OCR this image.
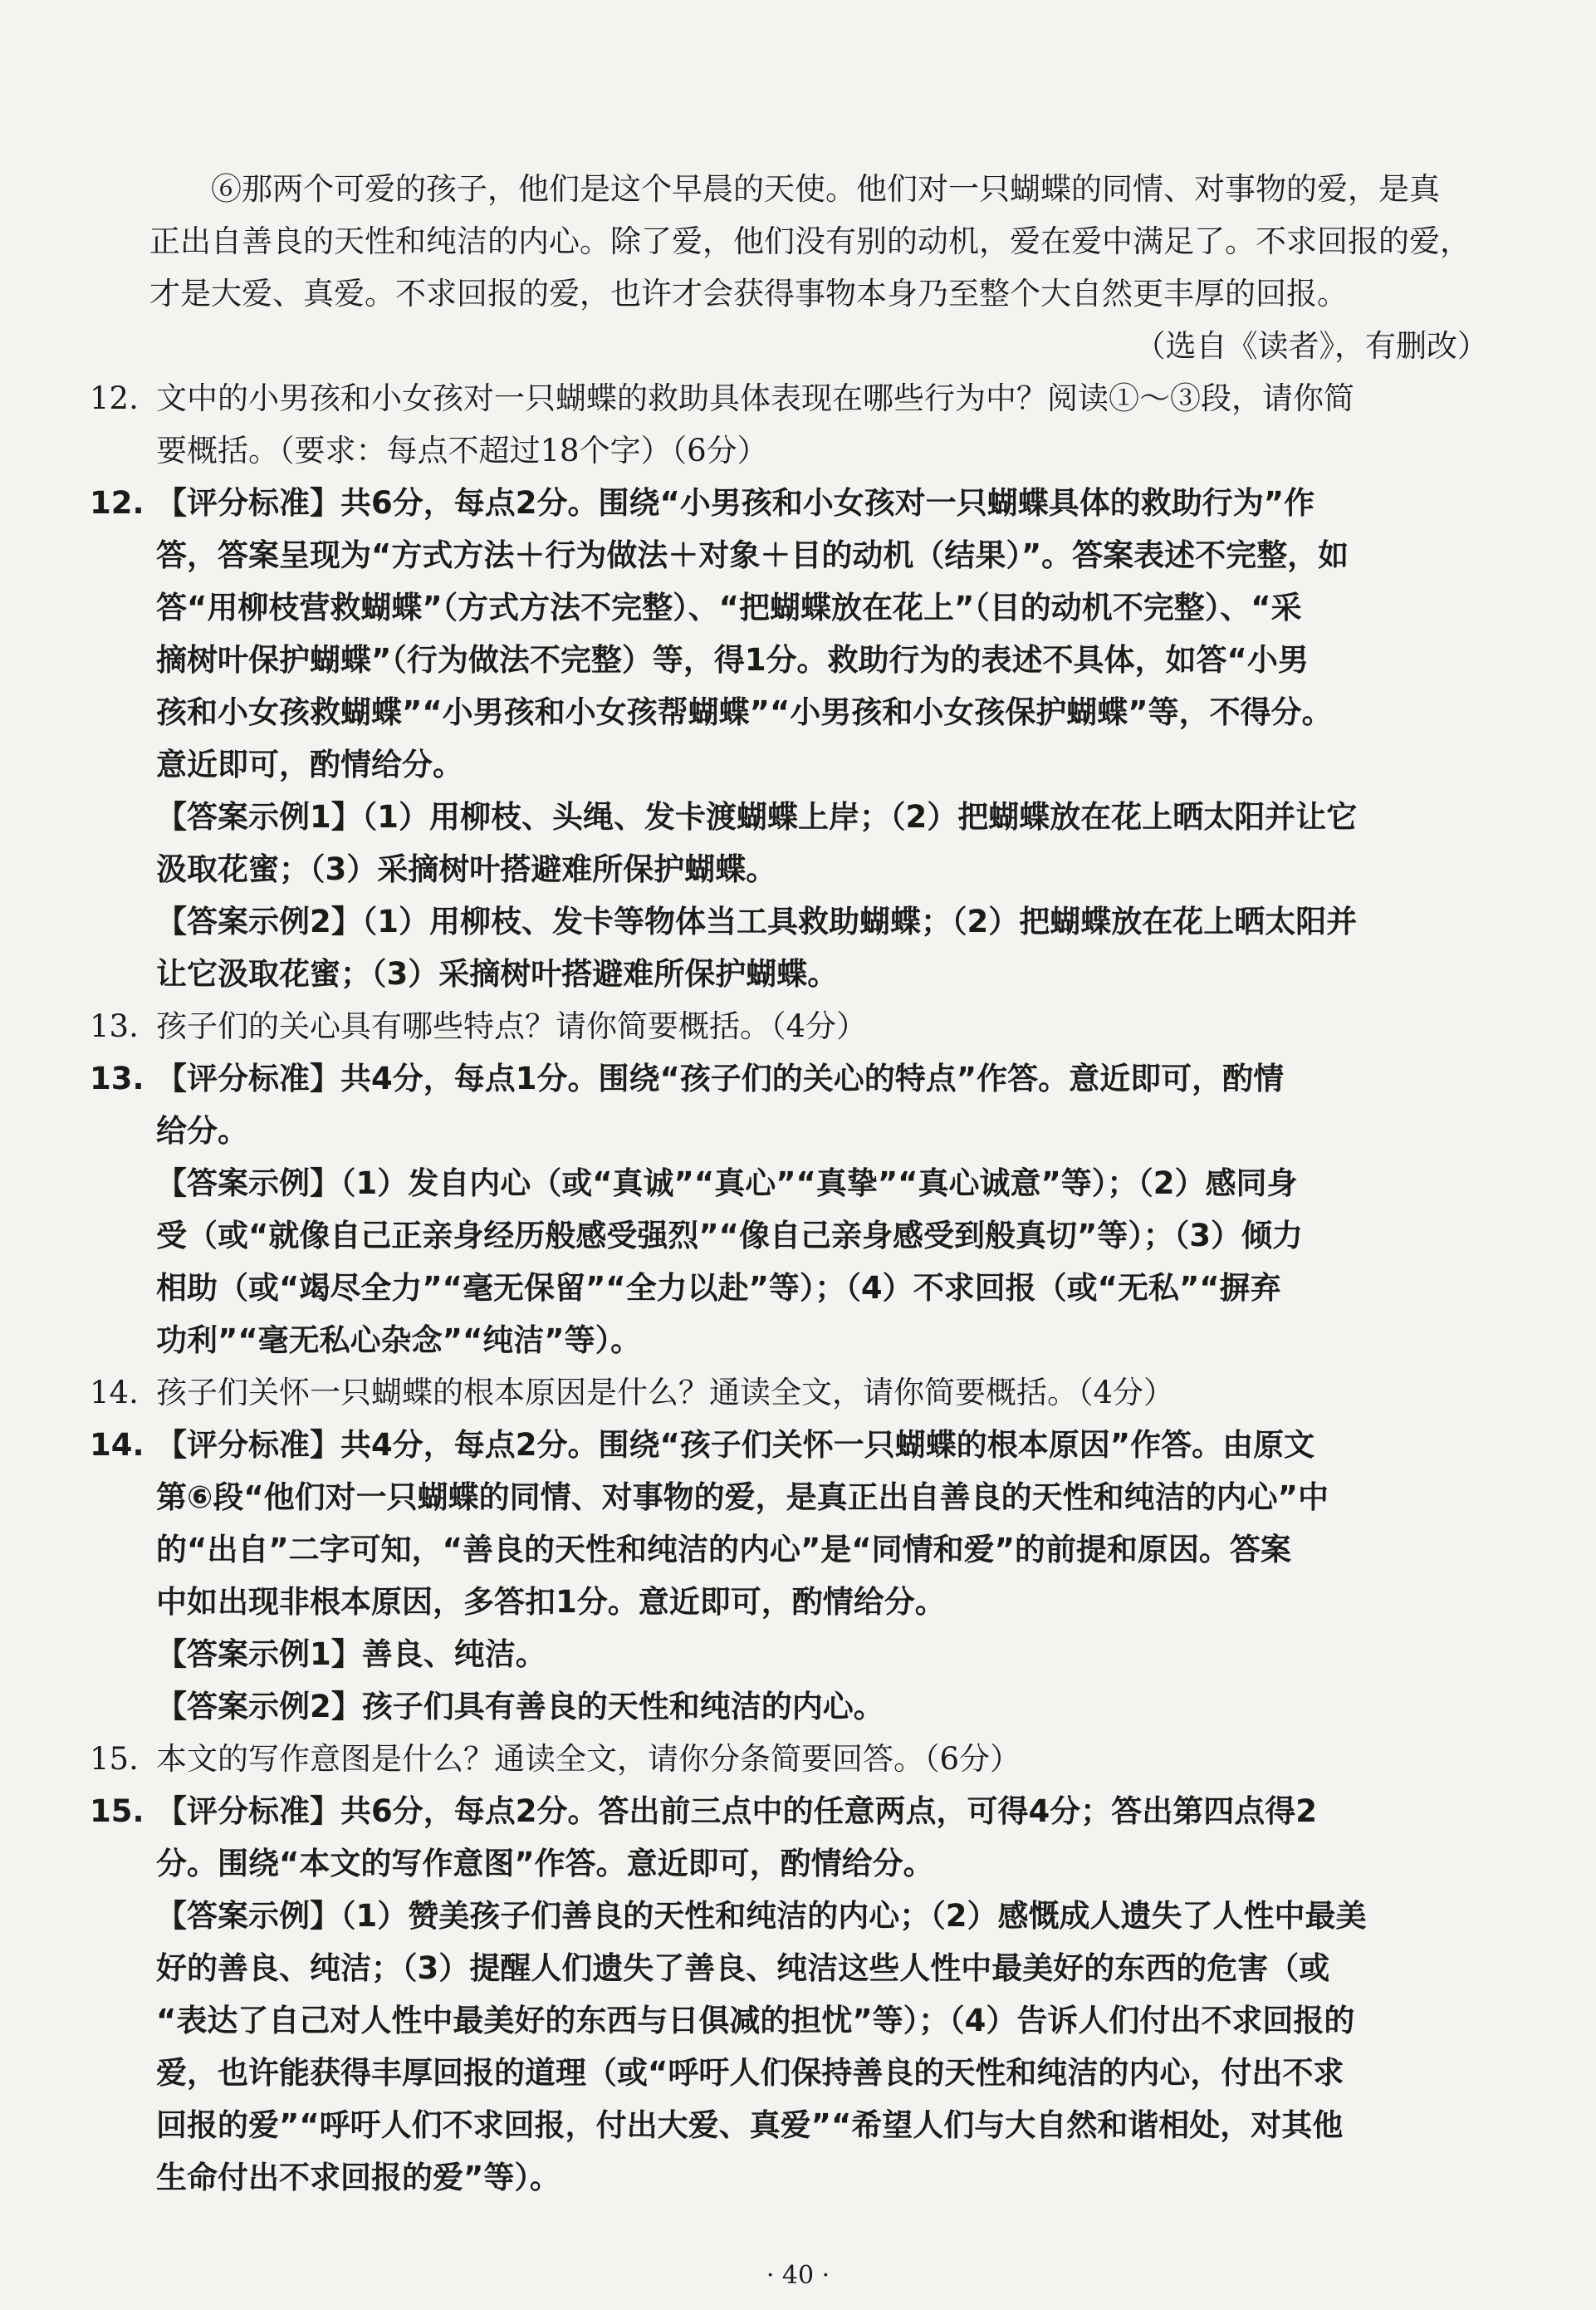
⑥那两个可爱的孩子，他们是这个早晨的天使。他们对一只蝴蝶的同情、对事物的爱，是真
正出自善良的天性和纯洁的内心。除了爱，他们没有别的动机，爱在爱中满足了。不求回报的爱，
才是大爱、真爱。不求回报的爱，也许才会获得事物本身乃至整个大自然更丰厚的回报。
（选自《读者》，有删改）
12. 文中的小男孩和小女孩对一只蝴蝶的救助具体表现在哪些行为中？阅读①～③段，请你简
要概括。（要求：每点不超过18个字）（6分）
12. 【评分标准】共6分，每点2分。围绕“小男孩和小女孩对一只蝴蝶具体的救助行为”作
答，答案呈现为“方式方法＋行为做法＋对象＋目的动机（结果）”。答案表述不完整，如
答“用柳枝营救蝴蝶”（方式方法不完整）、“把蝴蝶放在花上”（目的动机不完整）、“采
摘树叶保护蝴蝶”（行为做法不完整）等，得1分。救助行为的表述不具体，如答“小男
孩和小女孩救蝴蝶”“小男孩和小女孩帮蝴蝶”“小男孩和小女孩保护蝴蝶”等，不得分。
意近即可，酌情给分。
【答案示例1】（1）用柳枝、头绳、发卡渡蝴蝶上岸；（2）把蝴蝶放在花上晒太阳并让它
汲取花蜜；（3）采摘树叶搭避难所保护蝴蝶。
【答案示例2】（1）用柳枝、发卡等物体当工具救助蝴蝶；（2）把蝴蝶放在花上晒太阳并
让它汲取花蜜；（3）采摘树叶搭避难所保护蝴蝶。
13. 孩子们的关心具有哪些特点？请你简要概括。（4分）
13. 【评分标准】共4分，每点1分。围绕“孩子们的关心的特点”作答。意近即可，酌情
给分。
【答案示例】（1）发自内心（或“真诚”“真心”“真挚”“真心诚意”等）；（2）感同身
受（或“就像自己正亲身经历般感受强烈”“像自己亲身感受到般真切”等）；（3）倾力
相助（或“竭尽全力”“毫无保留”“全力以赴”等）；（4）不求回报（或“无私”“摒弃
功利”“毫无私心杂念”“纯洁”等）。
14. 孩子们关怀一只蝴蝶的根本原因是什么？通读全文，请你简要概括。（4分）
14. 【评分标准】共4分，每点2分。围绕“孩子们关怀一只蝴蝶的根本原因”作答。由原文
第⑥段“他们对一只蝴蝶的同情、对事物的爱，是真正出自善良的天性和纯洁的内心”中
的“出自”二字可知，“善良的天性和纯洁的内心”是“同情和爱”的前提和原因。答案
中如出现非根本原因，多答扣1分。意近即可，酌情给分。
【答案示例1】善良、纯洁。
【答案示例2】孩子们具有善良的天性和纯洁的内心。
15. 本文的写作意图是什么？通读全文，请你分条简要回答。（6分）
15. 【评分标准】共6分，每点2分。答出前三点中的任意两点，可得4分；答出第四点得2
分。围绕“本文的写作意图”作答。意近即可，酌情给分。
【答案示例】（1）赞美孩子们善良的天性和纯洁的内心；（2）感慨成人遗失了人性中最美
好的善良、纯洁；（3）提醒人们遗失了善良、纯洁这些人性中最美好的东西的危害（或
“表达了自己对人性中最美好的东西与日俱减的担忧”等）；（4）告诉人们付出不求回报的
爱，也许能获得丰厚回报的道理（或“呼吁人们保持善良的天性和纯洁的内心，付出不求
回报的爱”“呼吁人们不求回报，付出大爱、真爱”“希望人们与大自然和谐相处，对其他
生命付出不求回报的爱”等）。
· 40 ·
